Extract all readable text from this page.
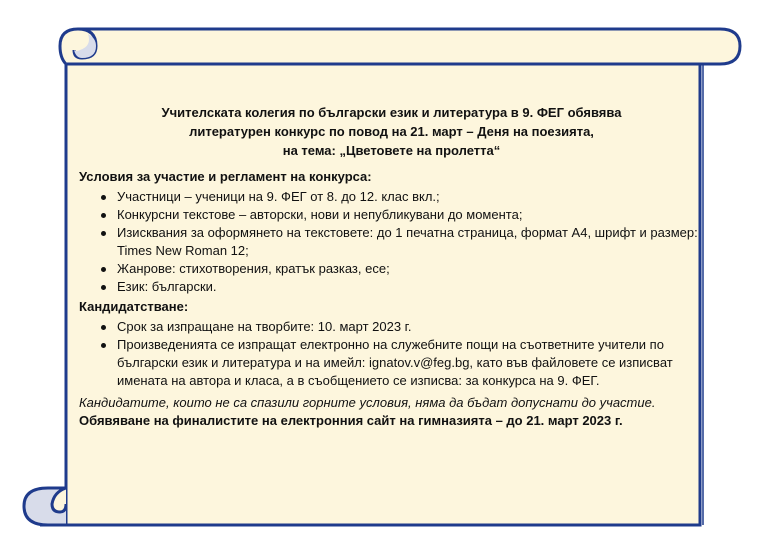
Учителската колегия по български език и литература в 9. ФЕГ обявява
литературен конкурс по повод на 21. март – Деня на поезията,
на тема: „Цветовете на пролетта“
Условия за участие и регламент на конкурса:
Участници – ученици на 9. ФЕГ от 8. до 12. клас вкл.;
Конкурсни текстове – авторски, нови и непубликувани до момента;
Изисквания за оформянето на текстовете: до 1 печатна страница, формат А4, шрифт и размер: Times New Roman 12;
Жанрове: стихотворения, кратък разказ, есе;
Език: български.
Кандидатстване:
Срок за изпращане на творбите: 10. март 2023 г.
Произведенията се изпращат електронно на служебните пощи на съответните учители по български език и литература и на имейл: ignatov.v@feg.bg, като във файловете се изписват имената на автора и класа, а в съобщението се изписва: за конкурса на 9. ФЕГ.
Кандидатите, които не са спазили горните условия, няма да бъдат допуснати до участие.
Обявяване на финалистите на електронния сайт на гимназията – до 21. март 2023 г.
